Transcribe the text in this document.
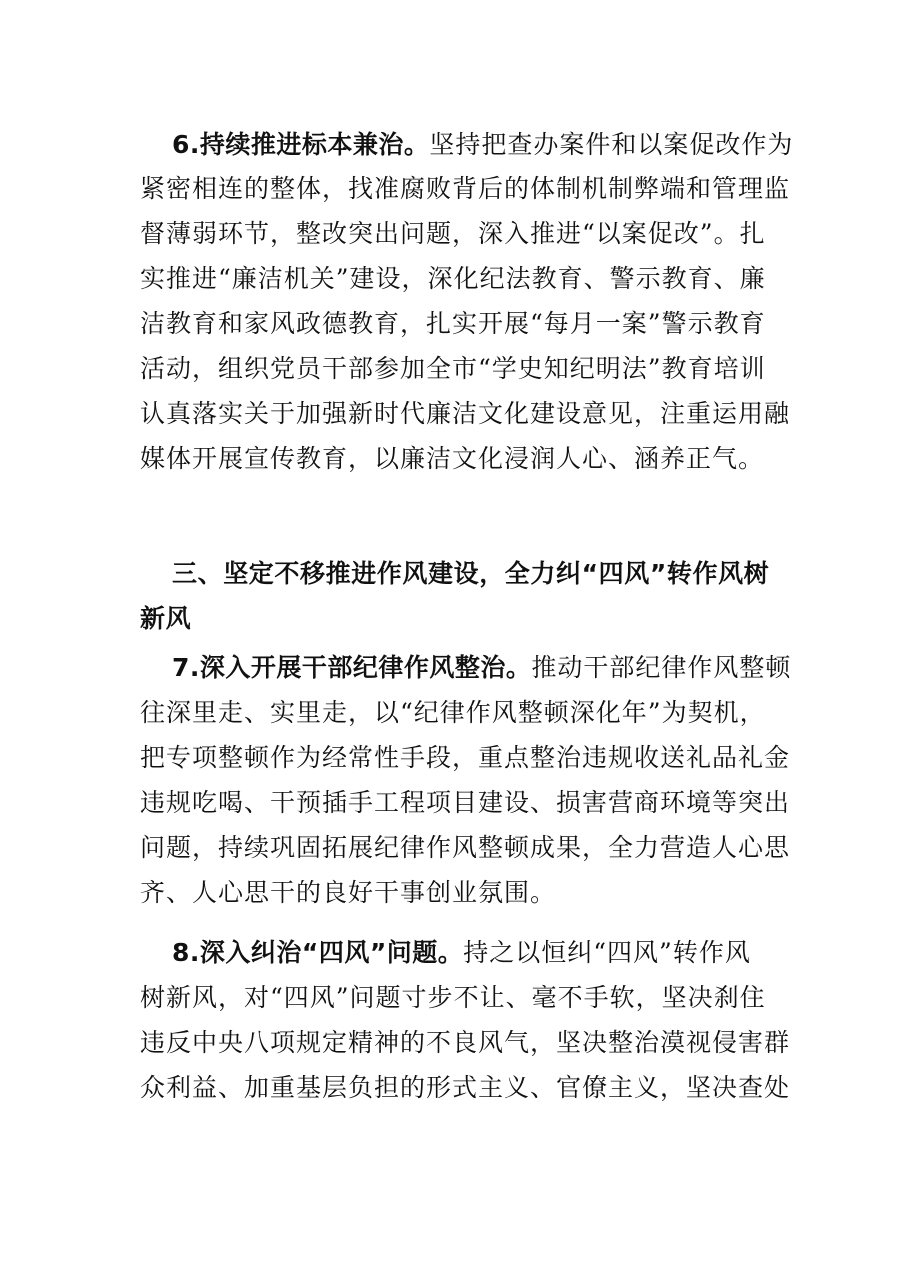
6.持续推进标本兼治。坚持把查办案件和以案促改作为
紧密相连的整体，找准腐败背后的体制机制弊端和管理监
督薄弱环节，整改突出问题，深入推进“以案促改”。扎
实推进“廉洁机关”建设，深化纪法教育、警示教育、廉
洁教育和家风政德教育，扎实开展“每月一案”警示教育
活动，组织党员干部参加全市“学史知纪明法”教育培训
认真落实关于加强新时代廉洁文化建设意见，注重运用融
媒体开展宣传教育，以廉洁文化浸润人心、涵养正气。
三、坚定不移推进作风建设，全力纠“四风”转作风树
新风
7.深入开展干部纪律作风整治。推动干部纪律作风整顿
往深里走、实里走，以“纪律作风整顿深化年”为契机，
把专项整顿作为经常性手段，重点整治违规收送礼品礼金
违规吃喝、干预插手工程项目建设、损害营商环境等突出
问题，持续巩固拓展纪律作风整顿成果，全力营造人心思
齐、人心思干的良好干事创业氛围。
8.深入纠治“四风”问题。持之以恒纠“四风”转作风
树新风，对“四风”问题寸步不让、毫不手软，坚决刹住
违反中央八项规定精神的不良风气，坚决整治漠视侵害群
众利益、加重基层负担的形式主义、官僚主义，坚决查处
